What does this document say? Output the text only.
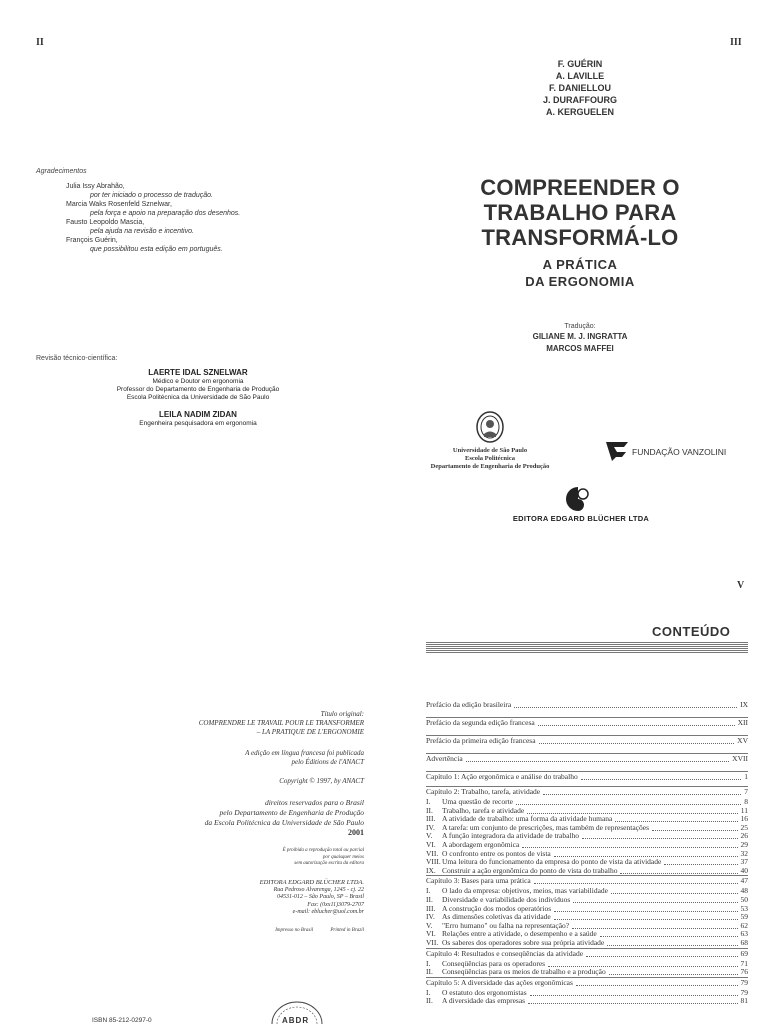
II	III
V
F. GUÉRIN
A. LAVILLE
F. DANIELLOU
J. DURAFFOURG
A. KERGUELEN
COMPREENDER O
TRABALHO PARA
TRANSFORMÁ-LO
A PRÁTICA
DA ERGONOMIA
Tradução:
GILIANE M. J. INGRATTA
MARCOS MAFFEI
Universidade de São Paulo
Escola Politécnica
Departamento de Engenharia de Produção
FUNDAÇÃO VANZOLINI
EDITORA EDGARD BLÜCHER LTDA
Agradecimentos
Julia Issy Abrahão,
por ter iniciado o processo de tradução.
Marcia Waks Rosenfeld Sznelwar,
pela força e apoio na preparação dos desenhos.
Fausto Leopoldo Mascia,
pela ajuda na revisão e incentivo.
François Guérin,
que possibilitou esta edição em português.
Revisão técnico-científica:
LAERTE IDAL SZNELWAR
Médico e Doutor em ergonomia
Professor do Departamento de Engenharia de Produção
Escola Politécnica da Universidade de São Paulo
LEILA NADIM ZIDAN
Engenheira pesquisadora em ergonomia
Título original:
COMPRENDRE LE TRAVAIL POUR LE TRANSFORMER
– LA PRATIQUE DE L'ERGONOMIE
A edição em língua francesa foi publicada
pelo Éditions de l'ANACT
Copyright © 1997, by ANACT
direitos reservados para o Brasil
pelo Departamento de Engenharia de Produção
da Escola Politécnica da Universidade de São Paulo
2001
É proibida a reprodução total ou parcial
por quaisquer meios
sem autorização escrita da editora
EDITORA EDGARD BLÜCHER LTDA.
Rua Pedroso Alvarenga, 1245 - cj. 22
04531-012 – São Paulo, SP – Brasil
Fax: (0xx11)3079-2707
e-mail: eblucher@uol.com.br
Impresso no Brasil	Printed in Brazil
ISBN 85-212-0297-0	ABDR
CONTEÚDO
Prefácio da edição brasileira	IX
Prefácio da segunda edição francesa	XII
Prefácio da primeira edição francesa	XV
Advertência	XVII
Capítulo 1: Ação ergonômica e análise do trabalho	1
Capítulo 2: Trabalho, tarefa, atividade	7
I. Uma questão de recorte	8
II. Trabalho, tarefa e atividade	11
III. A atividade de trabalho: uma forma da atividade humana	16
IV. A tarefa: um conjunto de prescrições, mas também de representações	25
V. A função integradora da atividade de trabalho	26
VI. A abordagem ergonômica	29
VII. O confronto entre os pontos de vista	32
VIII. Uma leitura do funcionamento da empresa do ponto de vista da atividade	37
IX. Construir a ação ergonômica do ponto de vista do trabalho	40
Capítulo 3: Bases para uma prática	47
I. O lado da empresa: objetivos, meios, mas variabilidade	48
II. Diversidade e variabilidade dos indivíduos	50
III. A construção dos modos operatórios	53
IV. As dimensões coletivas da atividade	59
V. "Erro humano" ou falha na representação?	62
VI. Relações entre a atividade, o desempenho e a saúde	63
VII. Os saberes dos operadores sobre sua própria atividade	68
Capítulo 4: Resultados e conseqüências da atividade	69
I. Conseqüências para os operadores	71
II. Conseqüências para os meios de trabalho e a produção	76
Capítulo 5: A diversidade das ações ergonômicas	79
I. O estatuto dos ergonomistas	79
II. A diversidade das empresas	81
